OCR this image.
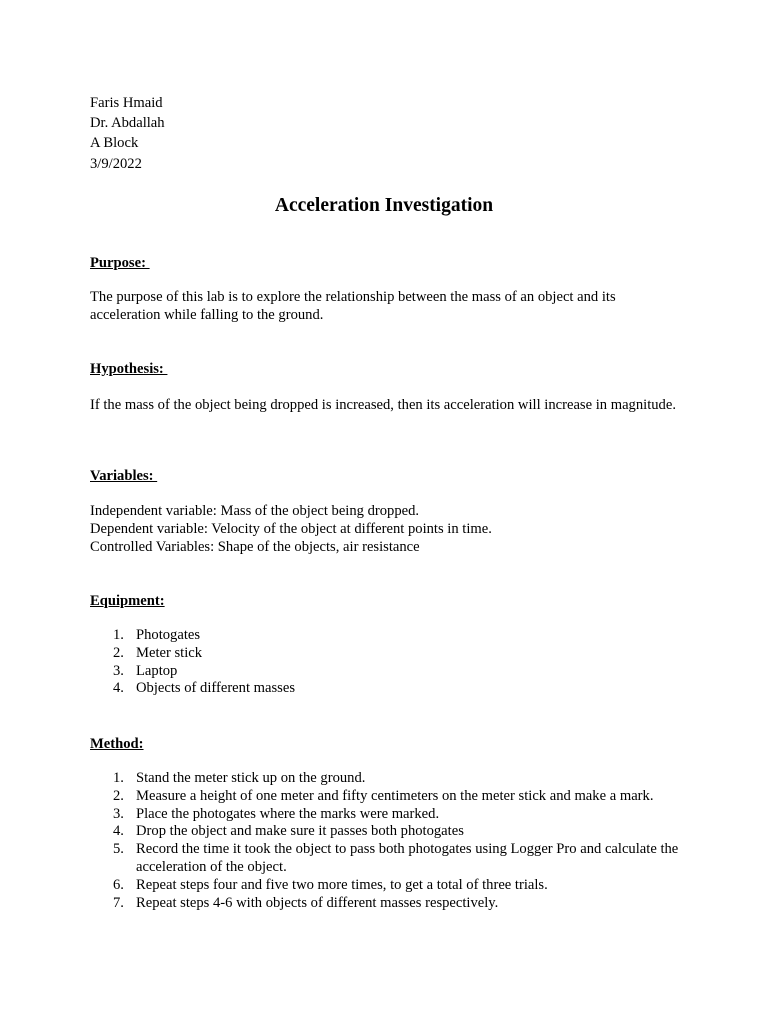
Faris Hmaid
Dr. Abdallah
A Block
3/9/2022
Acceleration Investigation
Purpose:
The purpose of this lab is to explore the relationship between the mass of an object and its acceleration while falling to the ground.
Hypothesis:
If the mass of the object being dropped is increased, then its acceleration will increase in magnitude.
Variables:
Independent variable: Mass of the object being dropped.
Dependent variable: Velocity of the object at different points in time.
Controlled Variables: Shape of the objects, air resistance
Equipment:
1. Photogates
2. Meter stick
3. Laptop
4. Objects of different masses
Method:
1. Stand the meter stick up on the ground.
2. Measure a height of one meter and fifty centimeters on the meter stick and make a mark.
3. Place the photogates where the marks were marked.
4. Drop the object and make sure it passes both photogates
5. Record the time it took the object to pass both photogates using Logger Pro and calculate the acceleration of the object.
6. Repeat steps four and five two more times, to get a total of three trials.
7. Repeat steps 4-6 with objects of different masses respectively.
